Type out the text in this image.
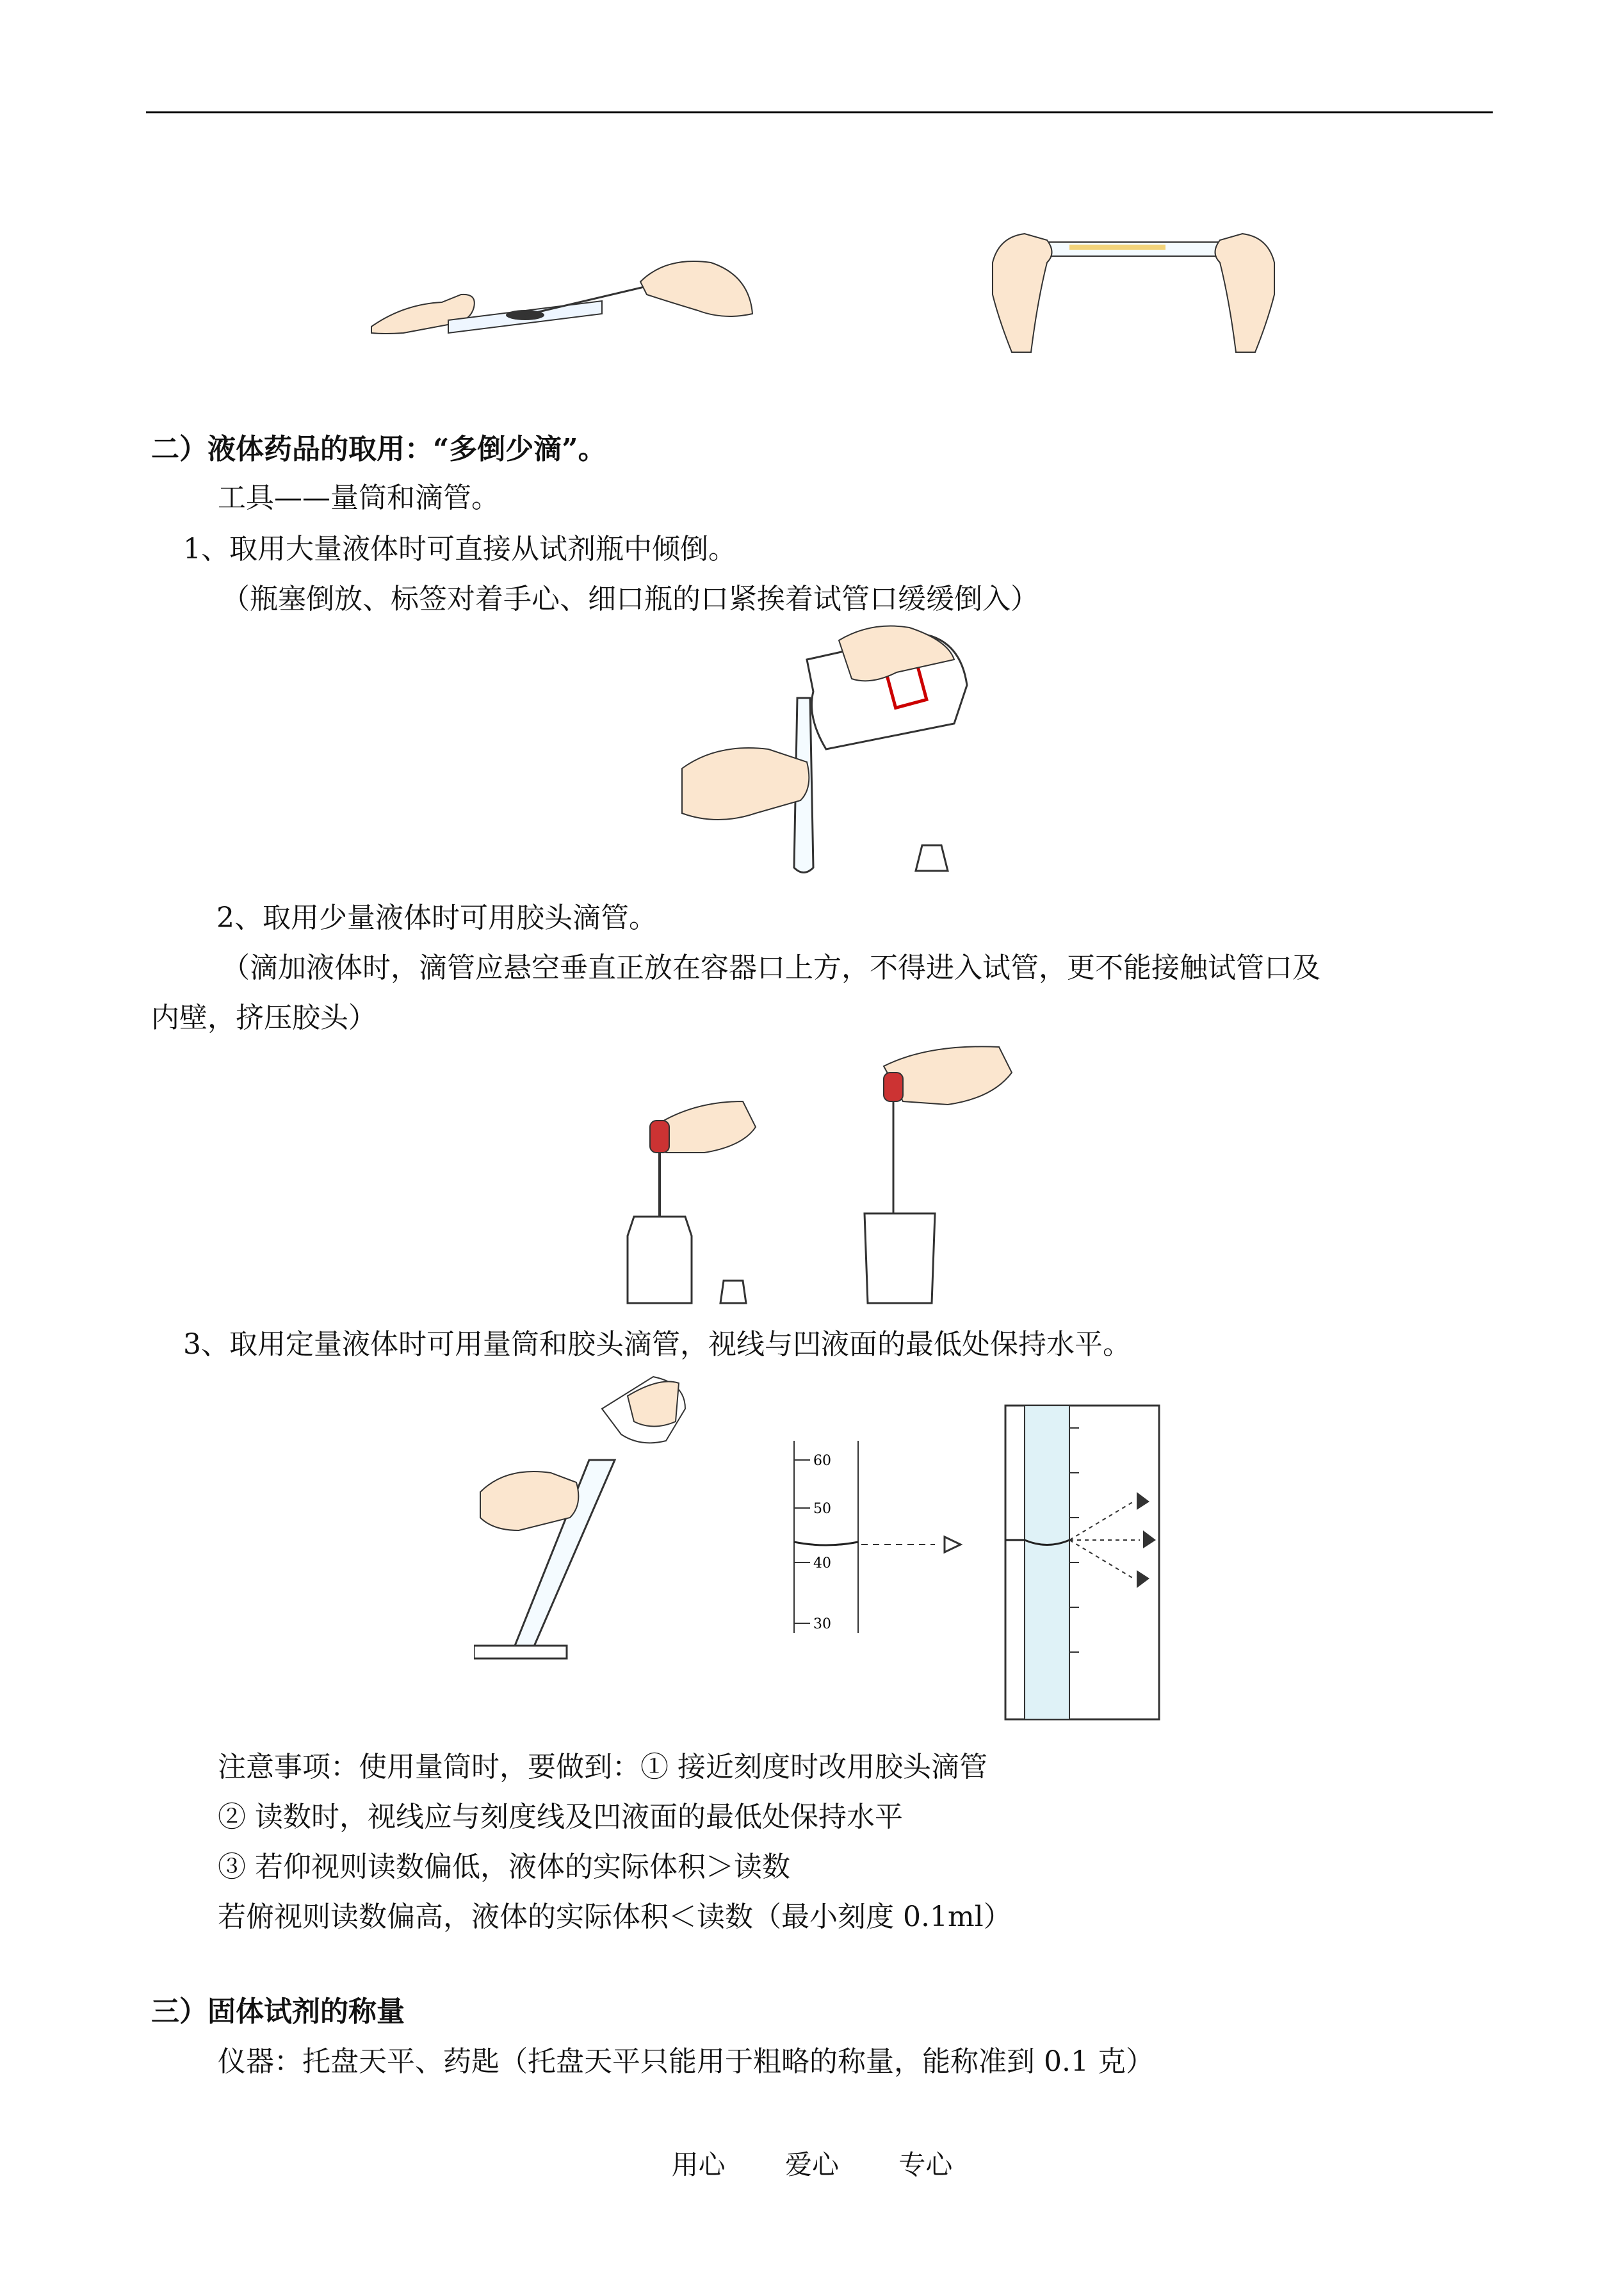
二）液体药品的取用：“多倒少滴”。
工具——量筒和滴管。
1、取用大量液体时可直接从试剂瓶中倾倒。
（瓶塞倒放、标签对着手心、细口瓶的口紧挨着试管口缓缓倒入）
2、取用少量液体时可用胶头滴管。
（滴加液体时，滴管应悬空垂直正放在容器口上方，不得进入试管，更不能接触试管口及
内壁，挤压胶头）
3、取用定量液体时可用量筒和胶头滴管，视线与凹液面的最低处保持水平。
60
50
40
30
注意事项：使用量筒时，要做到：① 接近刻度时改用胶头滴管
② 读数时，视线应与刻度线及凹液面的最低处保持水平
③ 若仰视则读数偏低，液体的实际体积＞读数
若俯视则读数偏高，液体的实际体积＜读数（最小刻度 0.1ml）
三）固体试剂的称量
仪器：托盘天平、药匙（托盘天平只能用于粗略的称量，能称准到 0.1 克）
用心 爱心 专心
